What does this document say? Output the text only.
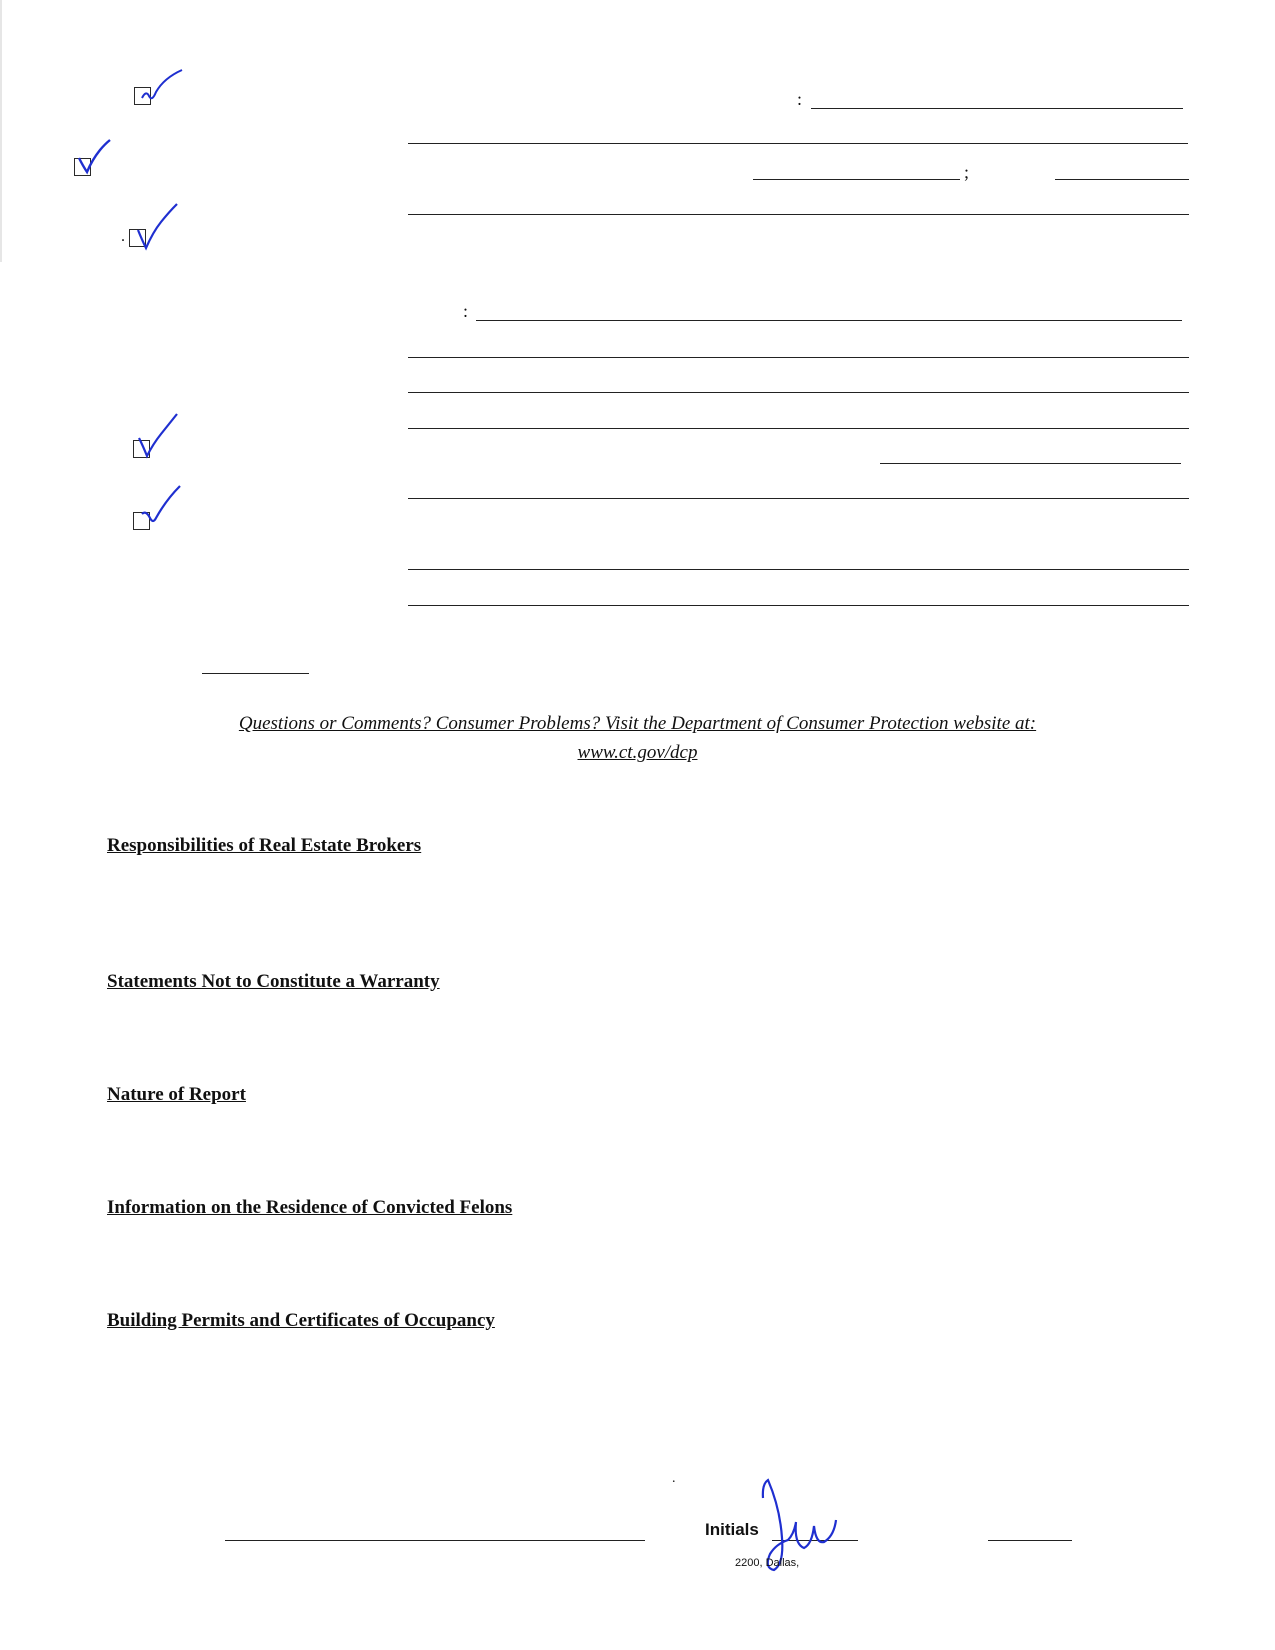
.
:
;
:
Questions or Comments? Consumer Problems? Visit the Department of Consumer Protection website at:
www.ct.gov/dcp
Responsibilities of Real Estate Brokers
Statements Not to Constitute a Warranty
Nature of Report
Information on the Residence of Convicted Felons
Building Permits and Certificates of Occupancy
.
Initials
2200, Dallas,
